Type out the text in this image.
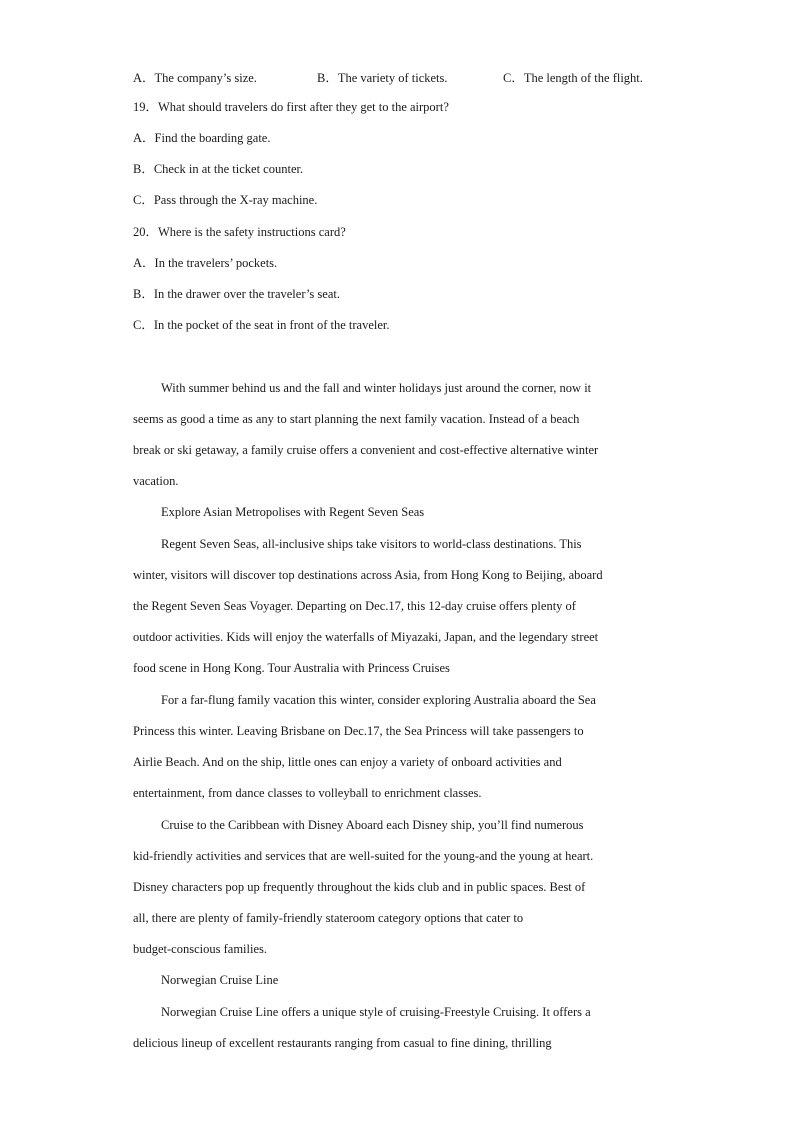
A．The company’s size.	B．The variety of tickets.	C．The length of the flight.
19．What should travelers do first after they get to the airport?
A．Find the boarding gate.
B．Check in at the ticket counter.
C．Pass through the X-ray machine.
20．Where is the safety instructions card?
A．In the travelers’ pockets.
B．In the drawer over the traveler’s seat.
C．In the pocket of the seat in front of the traveler.
With summer behind us and the fall and winter holidays just around the corner, now it
seems as good a time as any to start planning the next family vacation. Instead of a beach
break or ski getaway, a family cruise offers a convenient and cost-effective alternative winter
vacation.
Explore Asian Metropolises with Regent Seven Seas
Regent Seven Seas, all-inclusive ships take visitors to world-class destinations. This
winter, visitors will discover top destinations across Asia, from Hong Kong to Beijing, aboard
the Regent Seven Seas Voyager. Departing on Dec.17, this 12-day cruise offers plenty of
outdoor activities. Kids will enjoy the waterfalls of Miyazaki, Japan, and the legendary street
food scene in Hong Kong. Tour Australia with Princess Cruises
For a far-flung family vacation this winter, consider exploring Australia aboard the Sea
Princess this winter. Leaving Brisbane on Dec.17, the Sea Princess will take passengers to
Airlie Beach. And on the ship, little ones can enjoy a variety of onboard activities and
entertainment, from dance classes to volleyball to enrichment classes.
Cruise to the Caribbean with Disney Aboard each Disney ship, you’ll find numerous
kid-friendly activities and services that are well-suited for the young-and the young at heart.
Disney characters pop up frequently throughout the kids club and in public spaces. Best of
all, there are plenty of family-friendly stateroom category options that cater to
budget-conscious families.
Norwegian Cruise Line
Norwegian Cruise Line offers a unique style of cruising-Freestyle Cruising. It offers a
delicious lineup of excellent restaurants ranging from casual to fine dining, thrilling
